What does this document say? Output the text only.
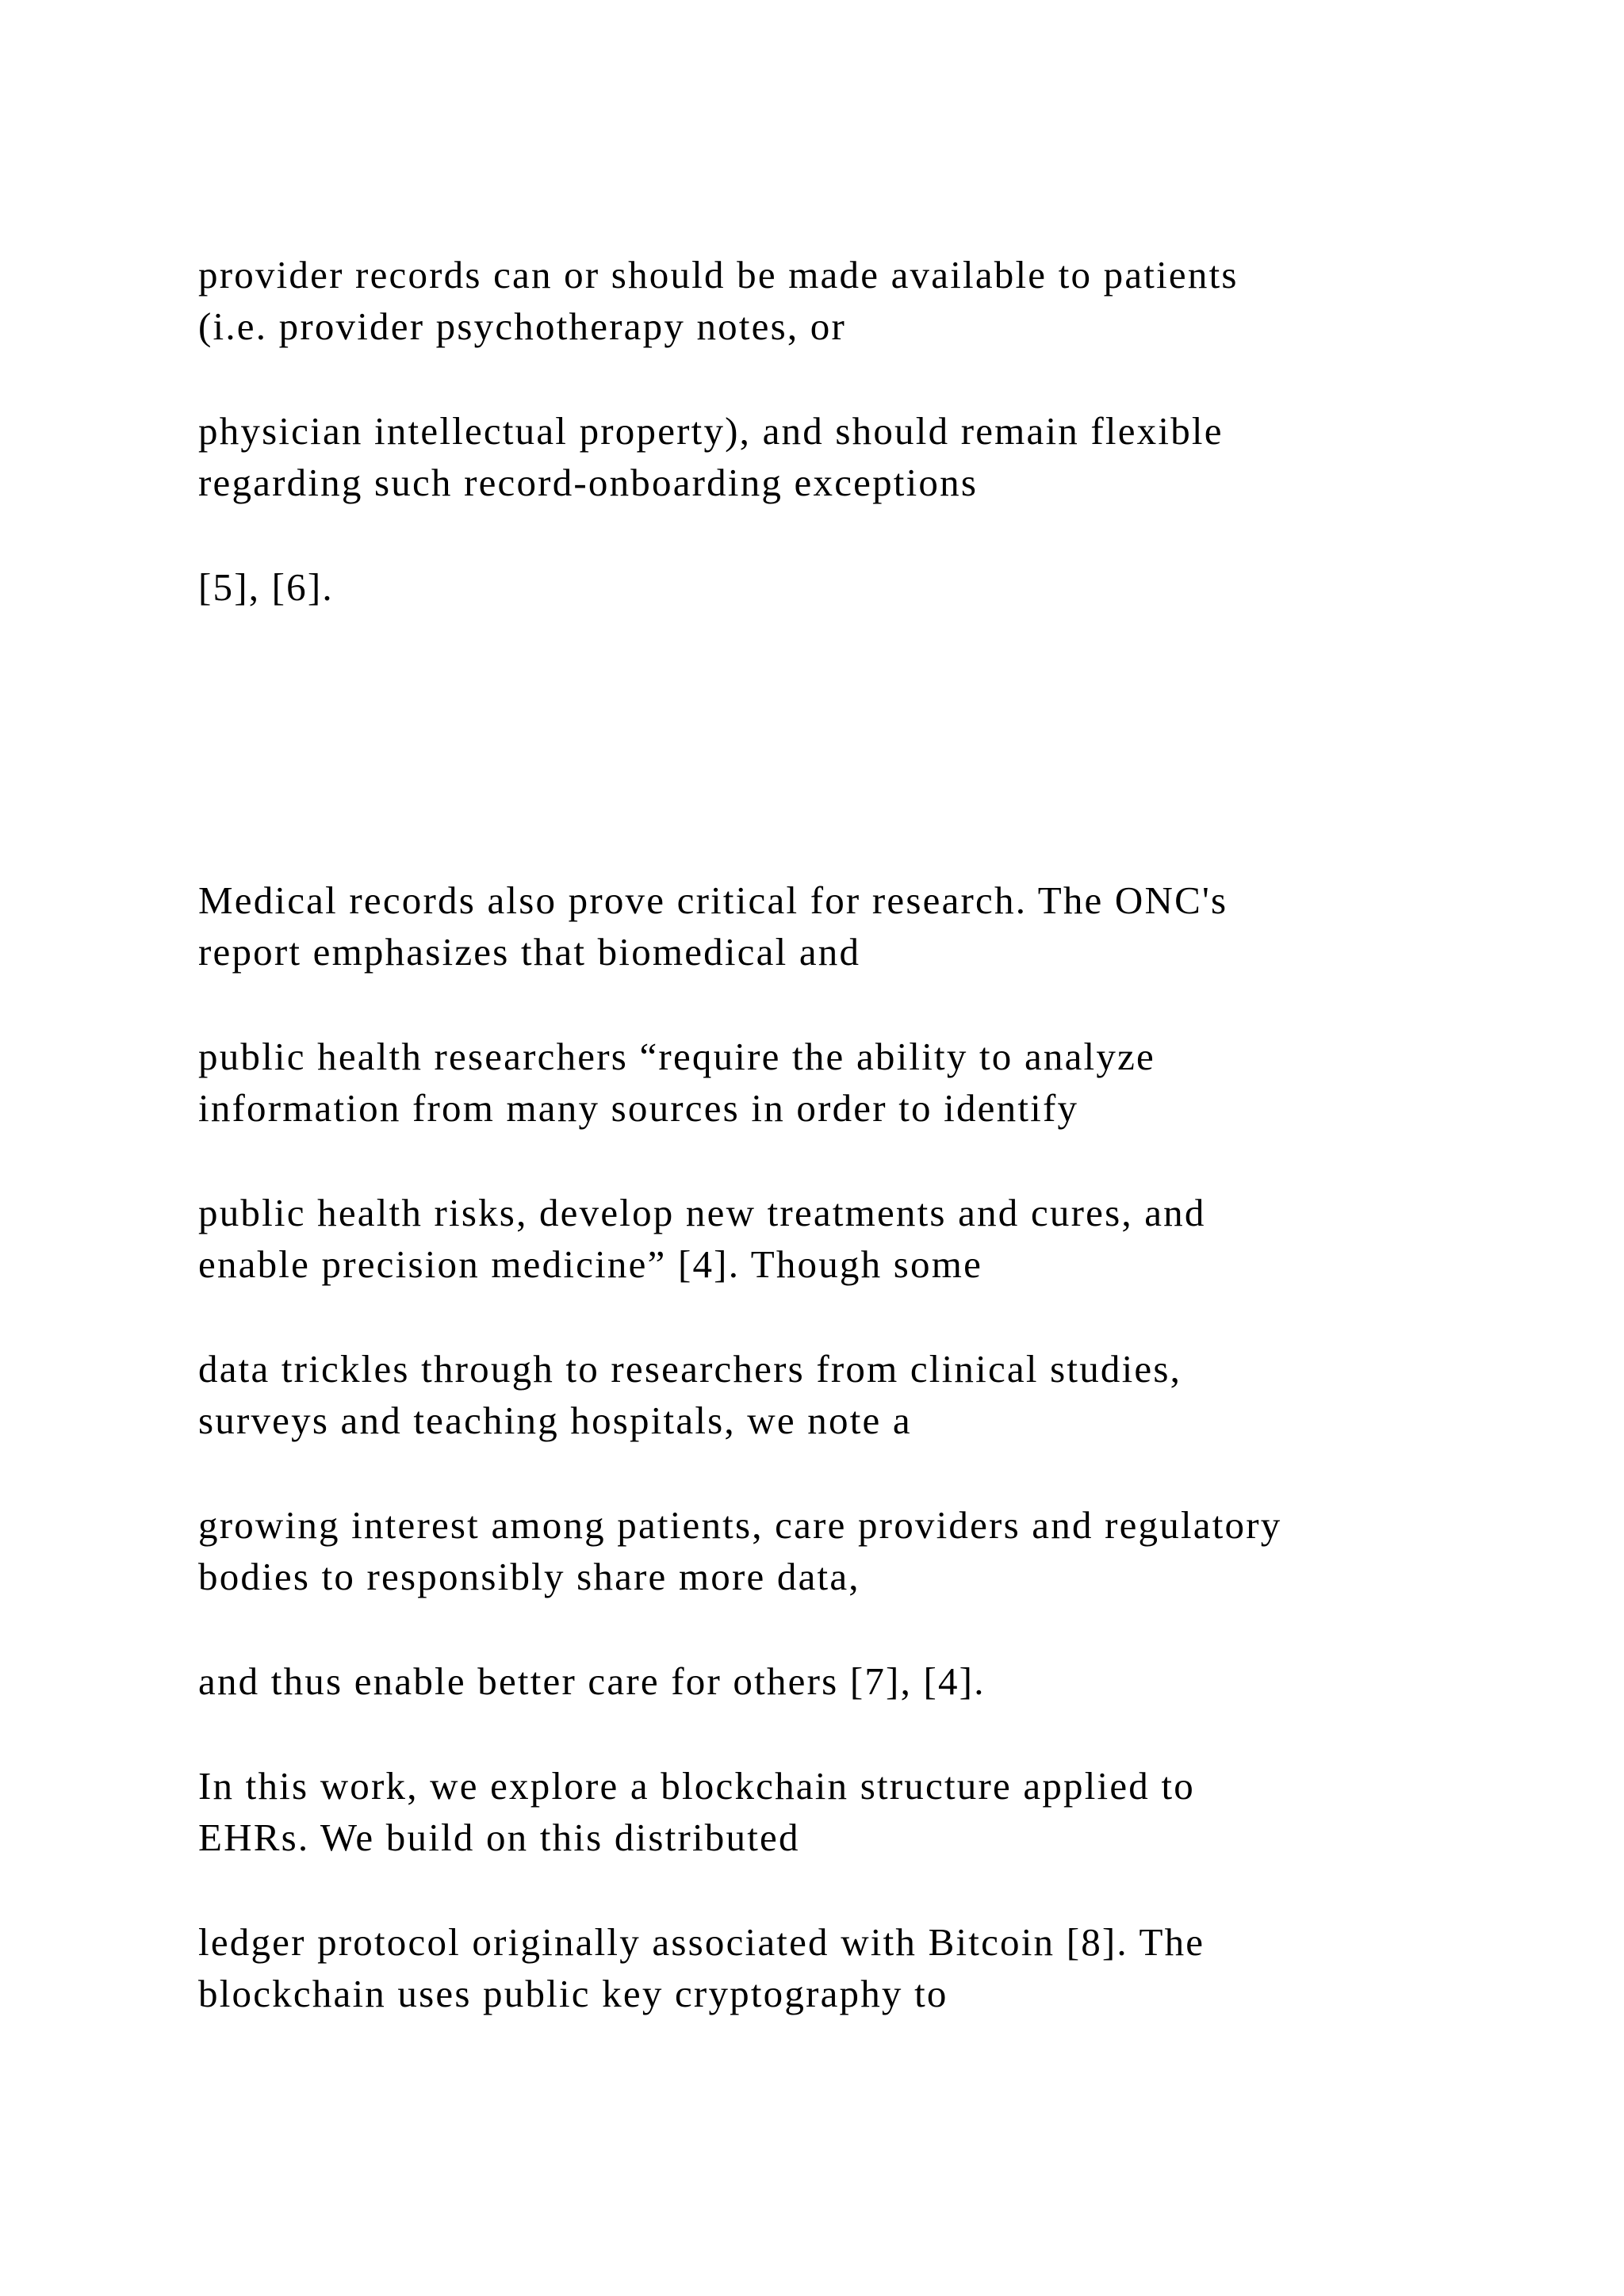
provider records can or should be made available to patients

(i.e. provider psychotherapy notes, or

physician intellectual property), and should remain flexible

regarding such record-onboarding exceptions

[5], [6].

Medical records also prove critical for research. The ONC's

report emphasizes that biomedical and

public health researchers “require the ability to analyze

information from many sources in order to identify

public health risks, develop new treatments and cures, and

enable precision medicine” [4]. Though some

data trickles through to researchers from clinical studies,

surveys and teaching hospitals, we note a

growing interest among patients, care providers and regulatory

bodies to responsibly share more data,

and thus enable better care for others [7], [4].

In this work, we explore a blockchain structure applied to

EHRs. We build on this distributed

ledger protocol originally associated with Bitcoin [8]. The

blockchain uses public key cryptography to
